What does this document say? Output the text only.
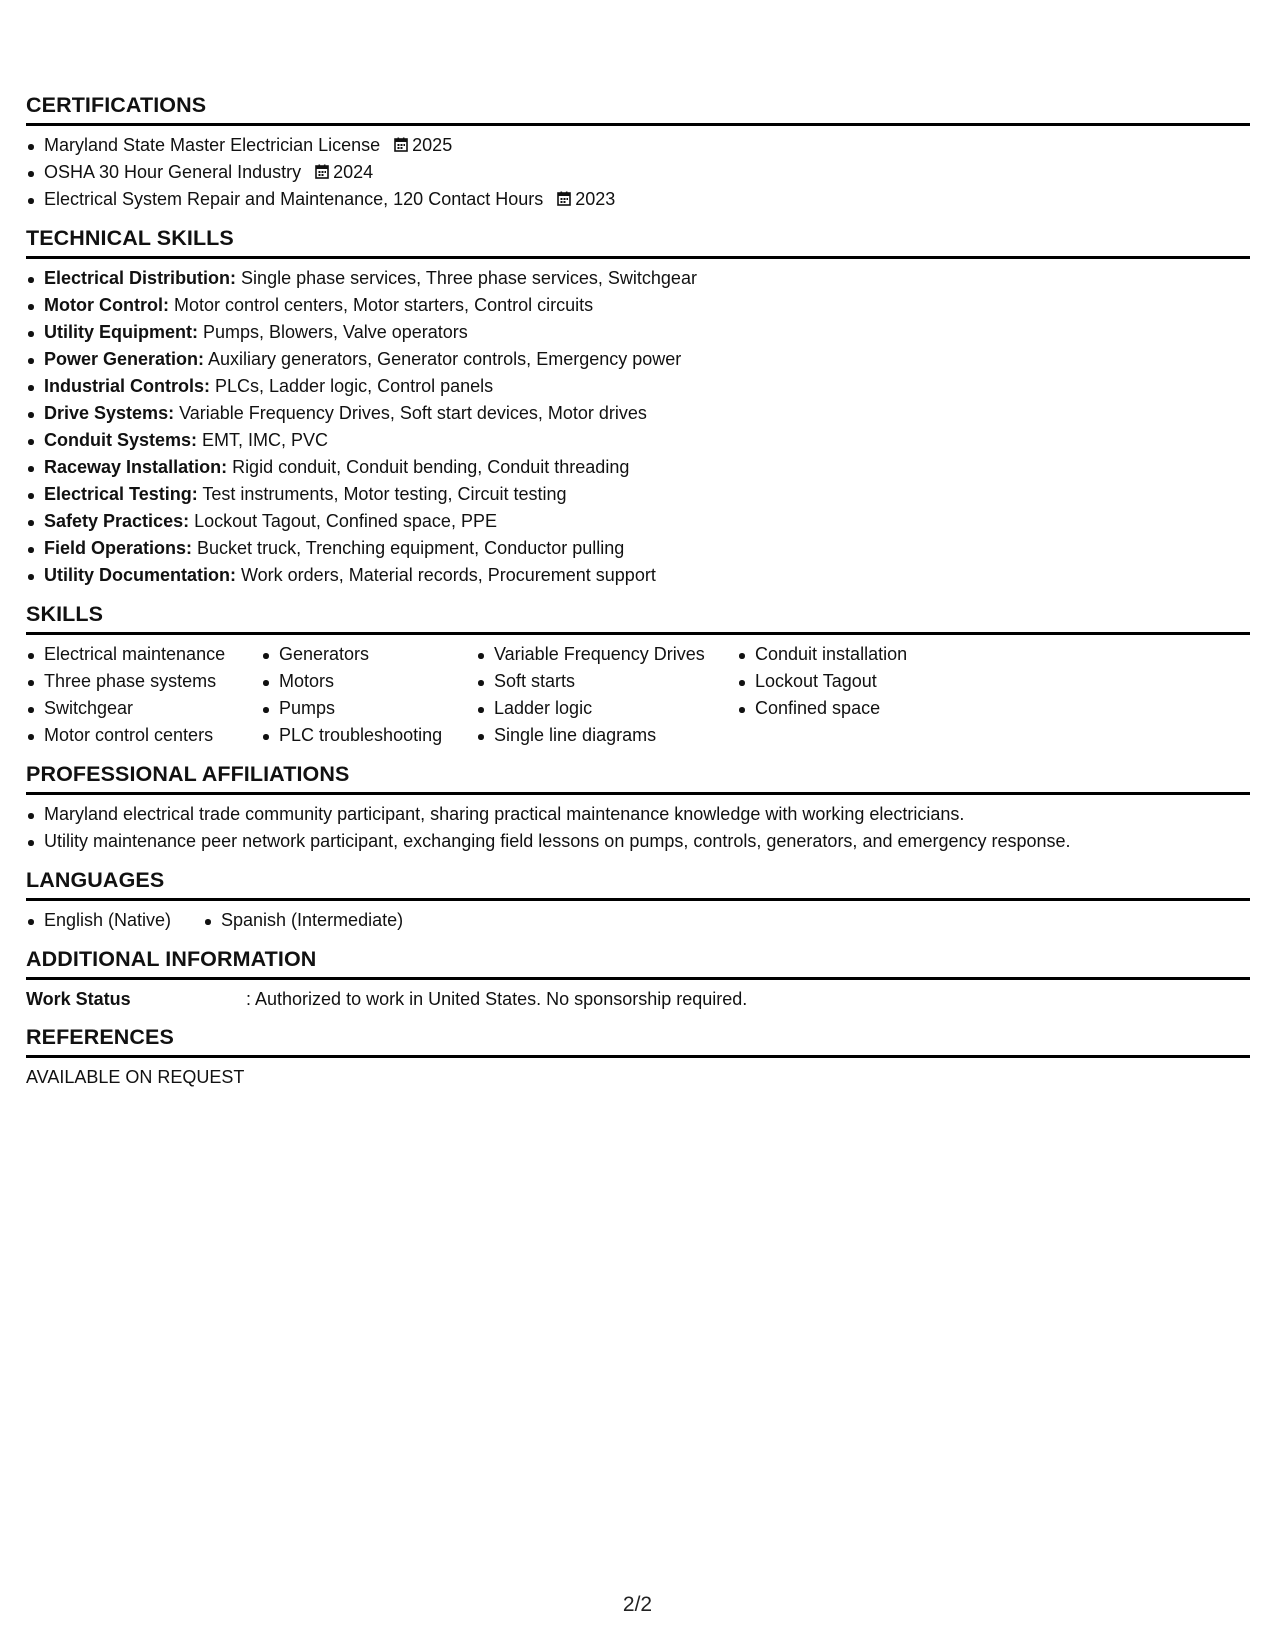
CERTIFICATIONS
Maryland State Master Electrician License 2025
OSHA 30 Hour General Industry 2024
Electrical System Repair and Maintenance, 120 Contact Hours 2023
TECHNICAL SKILLS
Electrical Distribution: Single phase services, Three phase services, Switchgear
Motor Control: Motor control centers, Motor starters, Control circuits
Utility Equipment: Pumps, Blowers, Valve operators
Power Generation: Auxiliary generators, Generator controls, Emergency power
Industrial Controls: PLCs, Ladder logic, Control panels
Drive Systems: Variable Frequency Drives, Soft start devices, Motor drives
Conduit Systems: EMT, IMC, PVC
Raceway Installation: Rigid conduit, Conduit bending, Conduit threading
Electrical Testing: Test instruments, Motor testing, Circuit testing
Safety Practices: Lockout Tagout, Confined space, PPE
Field Operations: Bucket truck, Trenching equipment, Conductor pulling
Utility Documentation: Work orders, Material records, Procurement support
SKILLS
Electrical maintenance
Three phase systems
Switchgear
Motor control centers
Generators
Motors
Pumps
PLC troubleshooting
Variable Frequency Drives
Soft starts
Ladder logic
Single line diagrams
Conduit installation
Lockout Tagout
Confined space
PROFESSIONAL AFFILIATIONS
Maryland electrical trade community participant, sharing practical maintenance knowledge with working electricians.
Utility maintenance peer network participant, exchanging field lessons on pumps, controls, generators, and emergency response.
LANGUAGES
English (Native)	Spanish (Intermediate)
ADDITIONAL INFORMATION
Work Status	: Authorized to work in United States. No sponsorship required.
REFERENCES
AVAILABLE ON REQUEST
2/2
